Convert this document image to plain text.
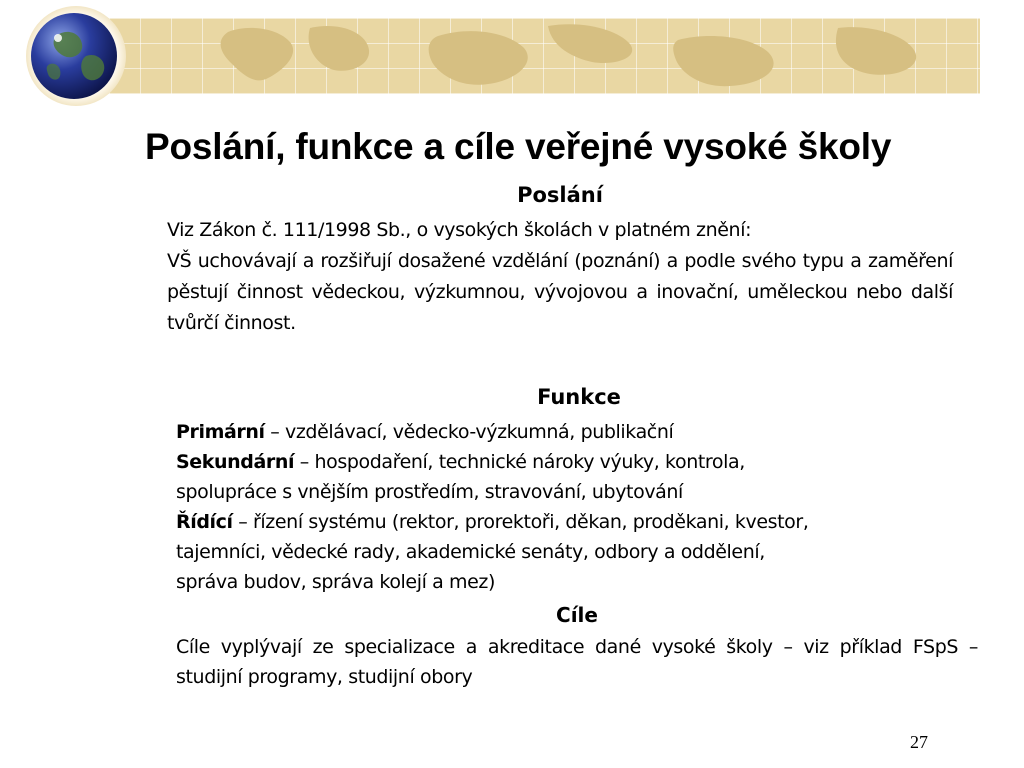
Poslání, funkce a cíle veřejné vysoké školy
Poslání
Viz Zákon č. 111/1998 Sb., o vysokých školách v platném znění:
VŠ uchovávají a rozšiřují dosažené vzdělání (poznání) a podle svého typu a zaměření pěstují činnost vědeckou, výzkumnou, vývojovou a inovační, uměleckou nebo další tvůrčí činnost.
Funkce
Primární – vzdělávací, vědecko-výzkumná, publikační
Sekundární – hospodaření, technické nároky výuky, kontrola,
spolupráce s vnějším prostředím, stravování, ubytování
Řídící – řízení systému (rektor, prorektoři, děkan, proděkani, kvestor,
tajemníci, vědecké rady, akademické senáty, odbory a oddělení,
správa budov, správa kolejí a mez)
Cíle
Cíle vyplývají ze specializace a akreditace dané vysoké školy – viz příklad FSpS – studijní programy, studijní obory
27
